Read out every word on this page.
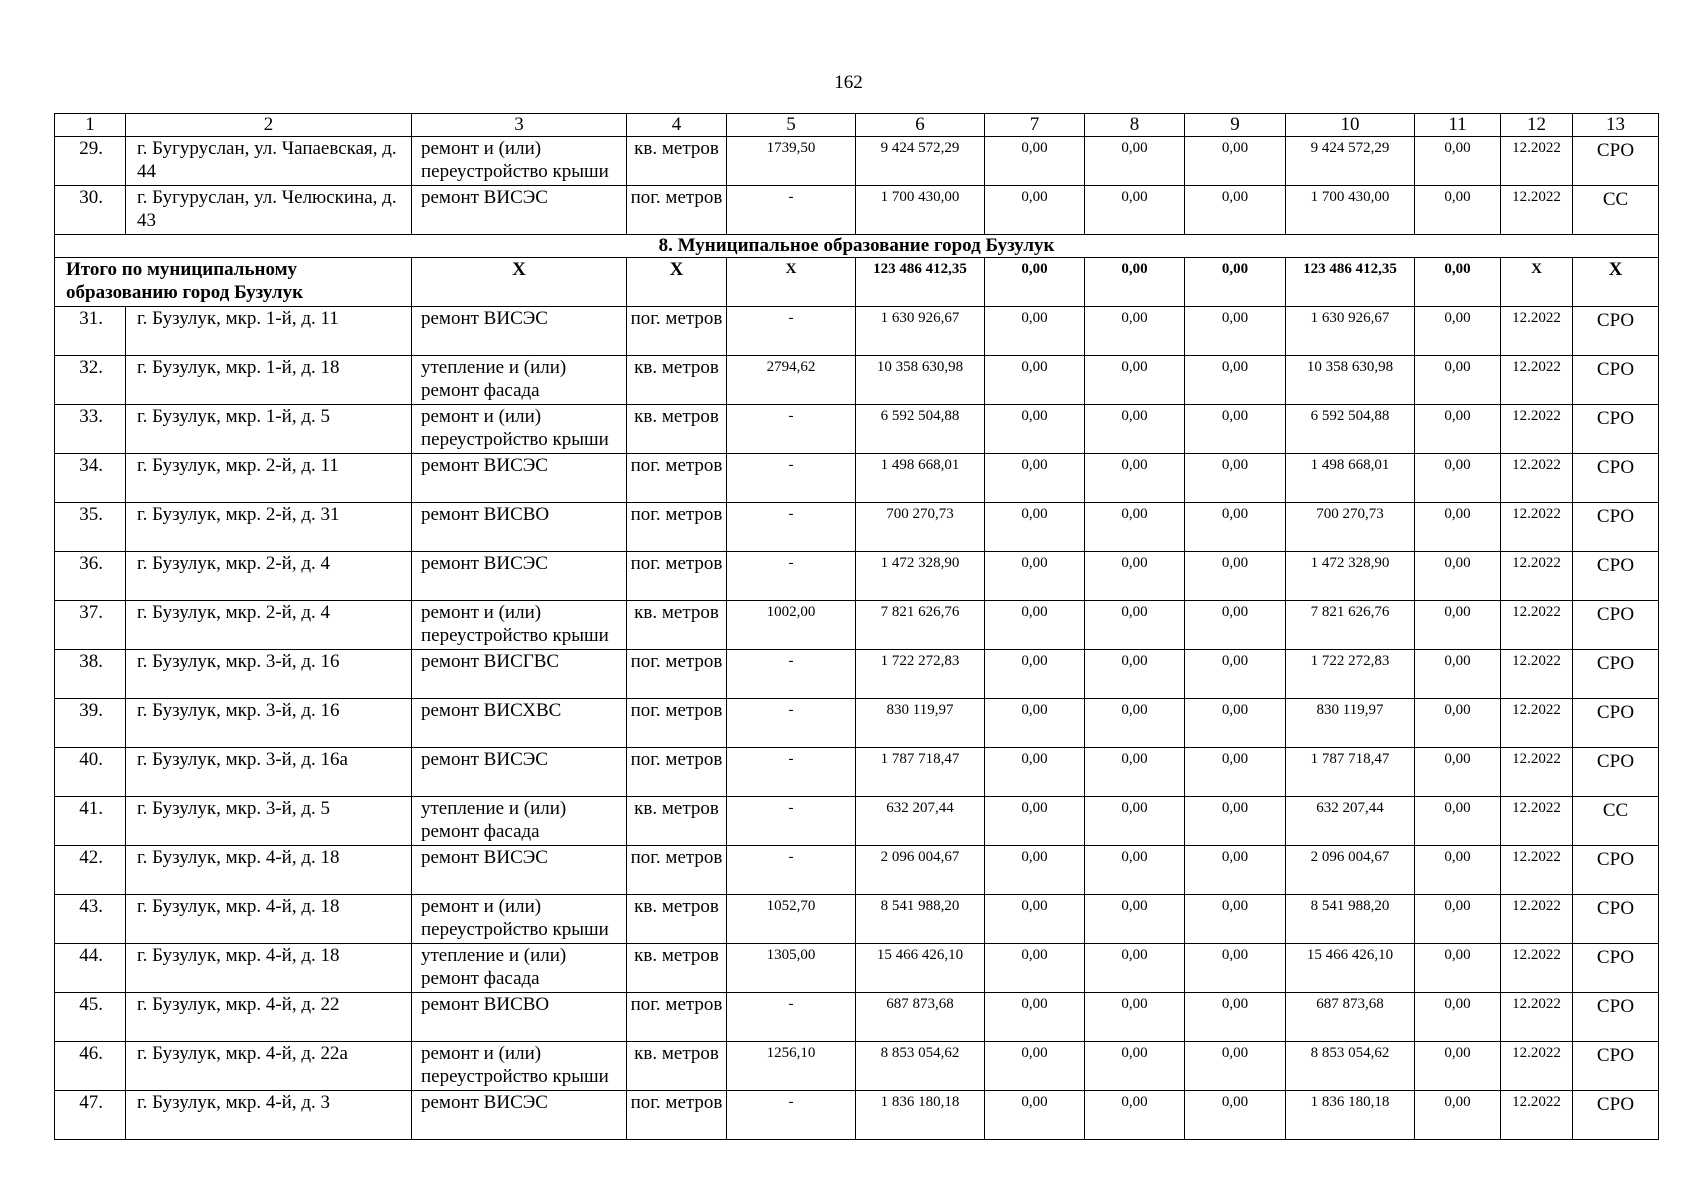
162
1	2	3	4	5	6	7	8	9	10	11	12	13
29.	г. Бугуруслан, ул. Чапаевская, д. 44	ремонт и (или) переустройство крыши	кв. метров	1739,50	9 424 572,29	0,00	0,00	0,00	9 424 572,29	0,00	12.2022	СРО
30.	г. Бугуруслан, ул. Челюскина, д. 43	ремонт ВИСЭС	пог. метров	-	1 700 430,00	0,00	0,00	0,00	1 700 430,00	0,00	12.2022	СС
8. Муниципальное образование город Бузулук												
Итого по муниципальному образованию город Бузулук		X	X	X	123 486 412,35	0,00	0,00	0,00	123 486 412,35	0,00	X	X
31.	г. Бузулук, мкр. 1-й, д. 11	ремонт ВИСЭС	пог. метров	-	1 630 926,67	0,00	0,00	0,00	1 630 926,67	0,00	12.2022	СРО
32.	г. Бузулук, мкр. 1-й, д. 18	утепление и (или) ремонт фасада	кв. метров	2794,62	10 358 630,98	0,00	0,00	0,00	10 358 630,98	0,00	12.2022	СРО
33.	г. Бузулук, мкр. 1-й, д. 5	ремонт и (или) переустройство крыши	кв. метров	-	6 592 504,88	0,00	0,00	0,00	6 592 504,88	0,00	12.2022	СРО
34.	г. Бузулук, мкр. 2-й, д. 11	ремонт ВИСЭС	пог. метров	-	1 498 668,01	0,00	0,00	0,00	1 498 668,01	0,00	12.2022	СРО
35.	г. Бузулук, мкр. 2-й, д. 31	ремонт ВИСВО	пог. метров	-	700 270,73	0,00	0,00	0,00	700 270,73	0,00	12.2022	СРО
36.	г. Бузулук, мкр. 2-й, д. 4	ремонт ВИСЭС	пог. метров	-	1 472 328,90	0,00	0,00	0,00	1 472 328,90	0,00	12.2022	СРО
37.	г. Бузулук, мкр. 2-й, д. 4	ремонт и (или) переустройство крыши	кв. метров	1002,00	7 821 626,76	0,00	0,00	0,00	7 821 626,76	0,00	12.2022	СРО
38.	г. Бузулук, мкр. 3-й, д. 16	ремонт ВИСГВС	пог. метров	-	1 722 272,83	0,00	0,00	0,00	1 722 272,83	0,00	12.2022	СРО
39.	г. Бузулук, мкр. 3-й, д. 16	ремонт ВИСХВС	пог. метров	-	830 119,97	0,00	0,00	0,00	830 119,97	0,00	12.2022	СРО
40.	г. Бузулук, мкр. 3-й, д. 16а	ремонт ВИСЭС	пог. метров	-	1 787 718,47	0,00	0,00	0,00	1 787 718,47	0,00	12.2022	СРО
41.	г. Бузулук, мкр. 3-й, д. 5	утепление и (или) ремонт фасада	кв. метров	-	632 207,44	0,00	0,00	0,00	632 207,44	0,00	12.2022	СС
42.	г. Бузулук, мкр. 4-й, д. 18	ремонт ВИСЭС	пог. метров	-	2 096 004,67	0,00	0,00	0,00	2 096 004,67	0,00	12.2022	СРО
43.	г. Бузулук, мкр. 4-й, д. 18	ремонт и (или) переустройство крыши	кв. метров	1052,70	8 541 988,20	0,00	0,00	0,00	8 541 988,20	0,00	12.2022	СРО
44.	г. Бузулук, мкр. 4-й, д. 18	утепление и (или) ремонт фасада	кв. метров	1305,00	15 466 426,10	0,00	0,00	0,00	15 466 426,10	0,00	12.2022	СРО
45.	г. Бузулук, мкр. 4-й, д. 22	ремонт ВИСВО	пог. метров	-	687 873,68	0,00	0,00	0,00	687 873,68	0,00	12.2022	СРО
46.	г. Бузулук, мкр. 4-й, д. 22а	ремонт и (или) переустройство крыши	кв. метров	1256,10	8 853 054,62	0,00	0,00	0,00	8 853 054,62	0,00	12.2022	СРО
47.	г. Бузулук, мкр. 4-й, д. 3	ремонт ВИСЭС	пог. метров	-	1 836 180,18	0,00	0,00	0,00	1 836 180,18	0,00	12.2022	СРО
